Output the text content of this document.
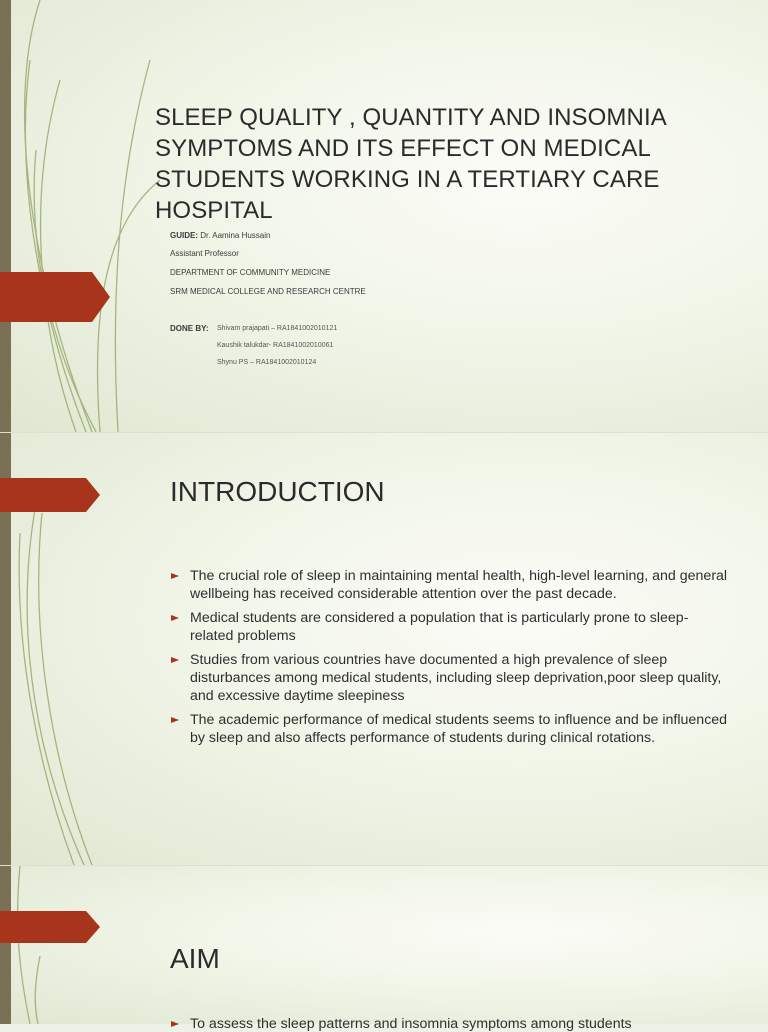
SLEEP QUALITY , QUANTITY AND INSOMNIA SYMPTOMS AND ITS EFFECT ON MEDICAL STUDENTS WORKING IN A TERTIARY CARE HOSPITAL
GUIDE: Dr. Aamina Hussain
Assistant Professor
DEPARTMENT OF COMMUNITY MEDICINE
SRM MEDICAL COLLEGE AND RESEARCH CENTRE
DONE BY: Shivam prajapati – RA1841002010121
Kaushik talukdar- RA1841002010061
Shynu PS – RA1841002010124
INTRODUCTION
The crucial role of sleep in maintaining mental health, high-level learning, and general wellbeing has received considerable attention over the past decade.
Medical students are considered a population that is particularly prone to sleep-related problems
Studies from various countries have documented a high prevalence of sleep disturbances among medical students, including sleep deprivation,poor sleep quality, and excessive daytime sleepiness
The academic performance of medical students seems to influence and be influenced by sleep and also affects performance of students during clinical rotations.
AIM
To assess the sleep patterns and insomnia symptoms among students
